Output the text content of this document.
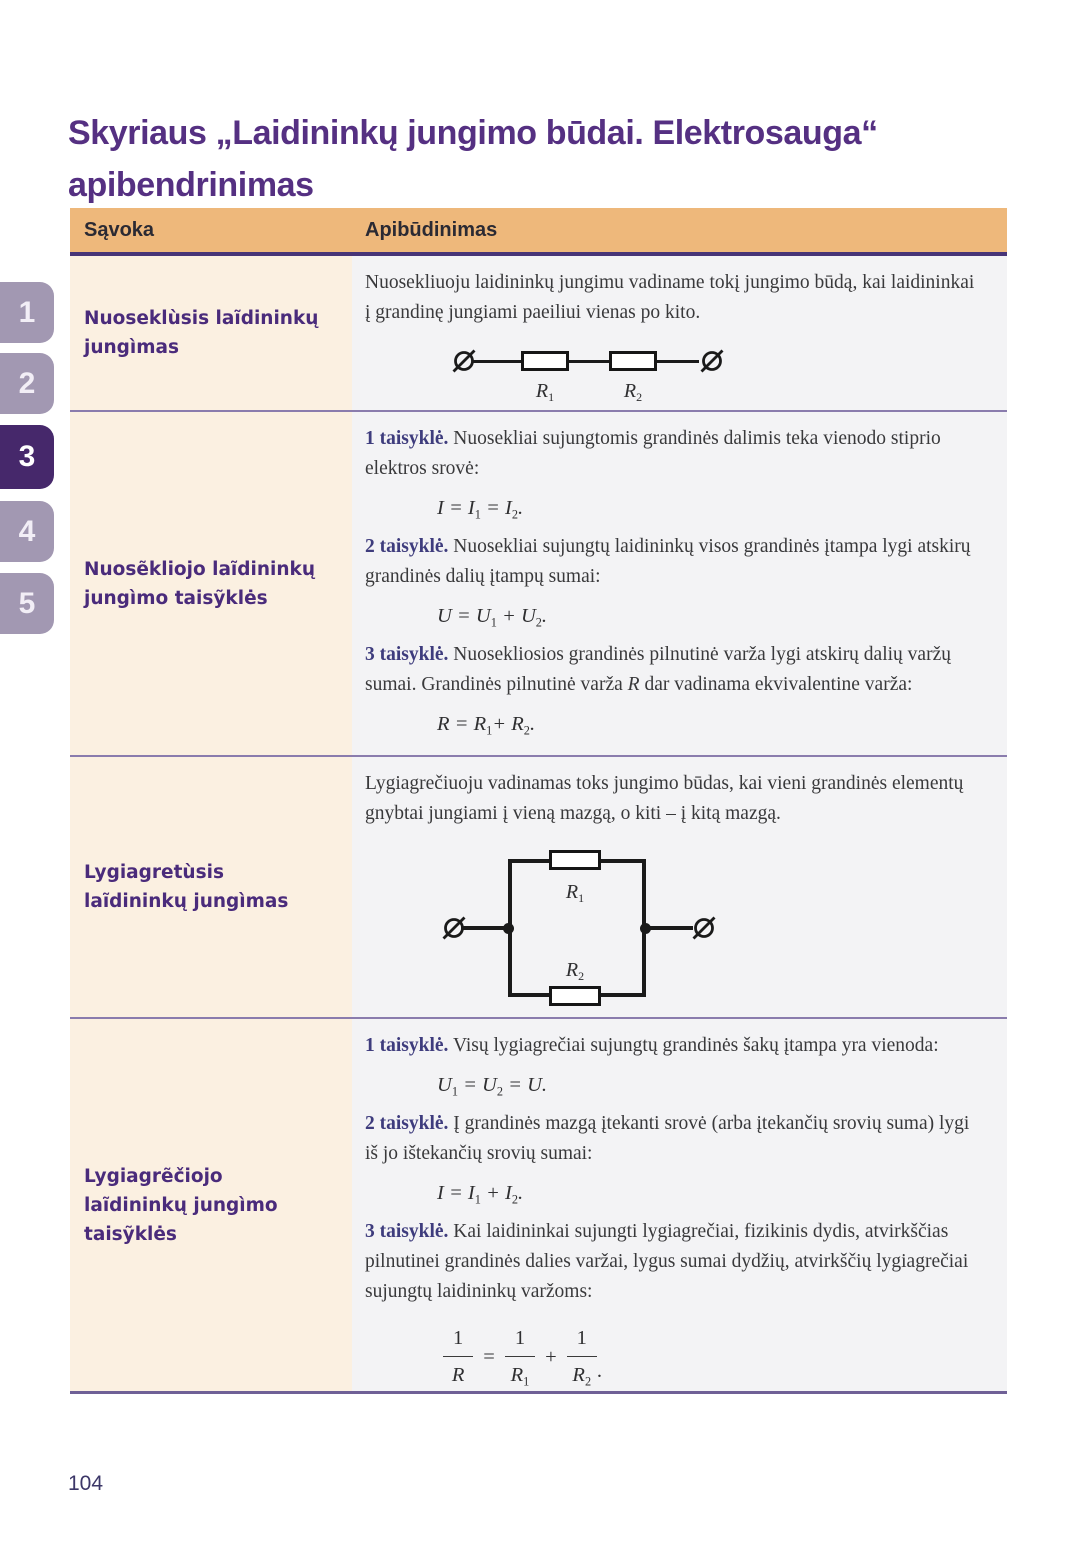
1
2
3
4
5
Skyriaus „Laidininkų jungimo būdai. Elektrosauga“
apibendrinimas
Sąvoka	Apibūdinimas
Nuoseklùsis laĩdininkų jungìmas

Nuosekliuoju laidininkų jungimu vadiname tokį jungimo būdą, kai laidininkai į grandinę jungiami paeiliui vienas po kito.

$R_1$	$R_2$
Nuosẽkliojo laĩdininkų jungìmo taisỹklės

1 taisyklė. Nuosekliai sujungtomis grandinės dalimis teka vienodo stiprio elektros srovė:

$I = I_1 = I_2$.

2 taisyklė. Nuosekliai sujungtų laidininkų visos grandinės įtampa lygi atskirų grandinės dalių įtampų sumai:

$U = U_1 + U_2$.

3 taisyklė. Nuosekliosios grandinės pilnutinė varža lygi atskirų dalių varžų sumai. Grandinės pilnutinė varža R dar vadinama ekvivalentine varža:

$R = R_1+ R_2$.
Lygiagretùsis laĩdininkų jungìmas

Lygiagrečiuoju vadinamas toks jungimo būdas, kai vieni grandinės elementų gnybtai jungiami į vieną mazgą, o kiti – į kitą mazgą.

$R_1$
$R_2$
Lygiagrẽčiojo laĩdininkų jungìmo taisỹklės

1 taisyklė. Visų lygiagrečiai sujungtų grandinės šakų įtampa yra vienoda:

$U_1 = U_2 = U$.

2 taisyklė. Į grandinės mazgą įtekanti srovė (arba įtekančių srovių suma) lygi iš jo ištekančių srovių sumai:

$I = I_1 + I_2$.

3 taisyklė. Kai laidininkai sujungti lygiagrečiai, fizikinis dydis, atvirkščias pilnutinei grandinės dalies varžai, lygus sumai dydžių, atvirkščių lygiagrečiai sujungtų laidininkų varžoms:

$\frac{1}{R} = \frac{1}{R_1} + \frac{1}{R_2}$ .
104
